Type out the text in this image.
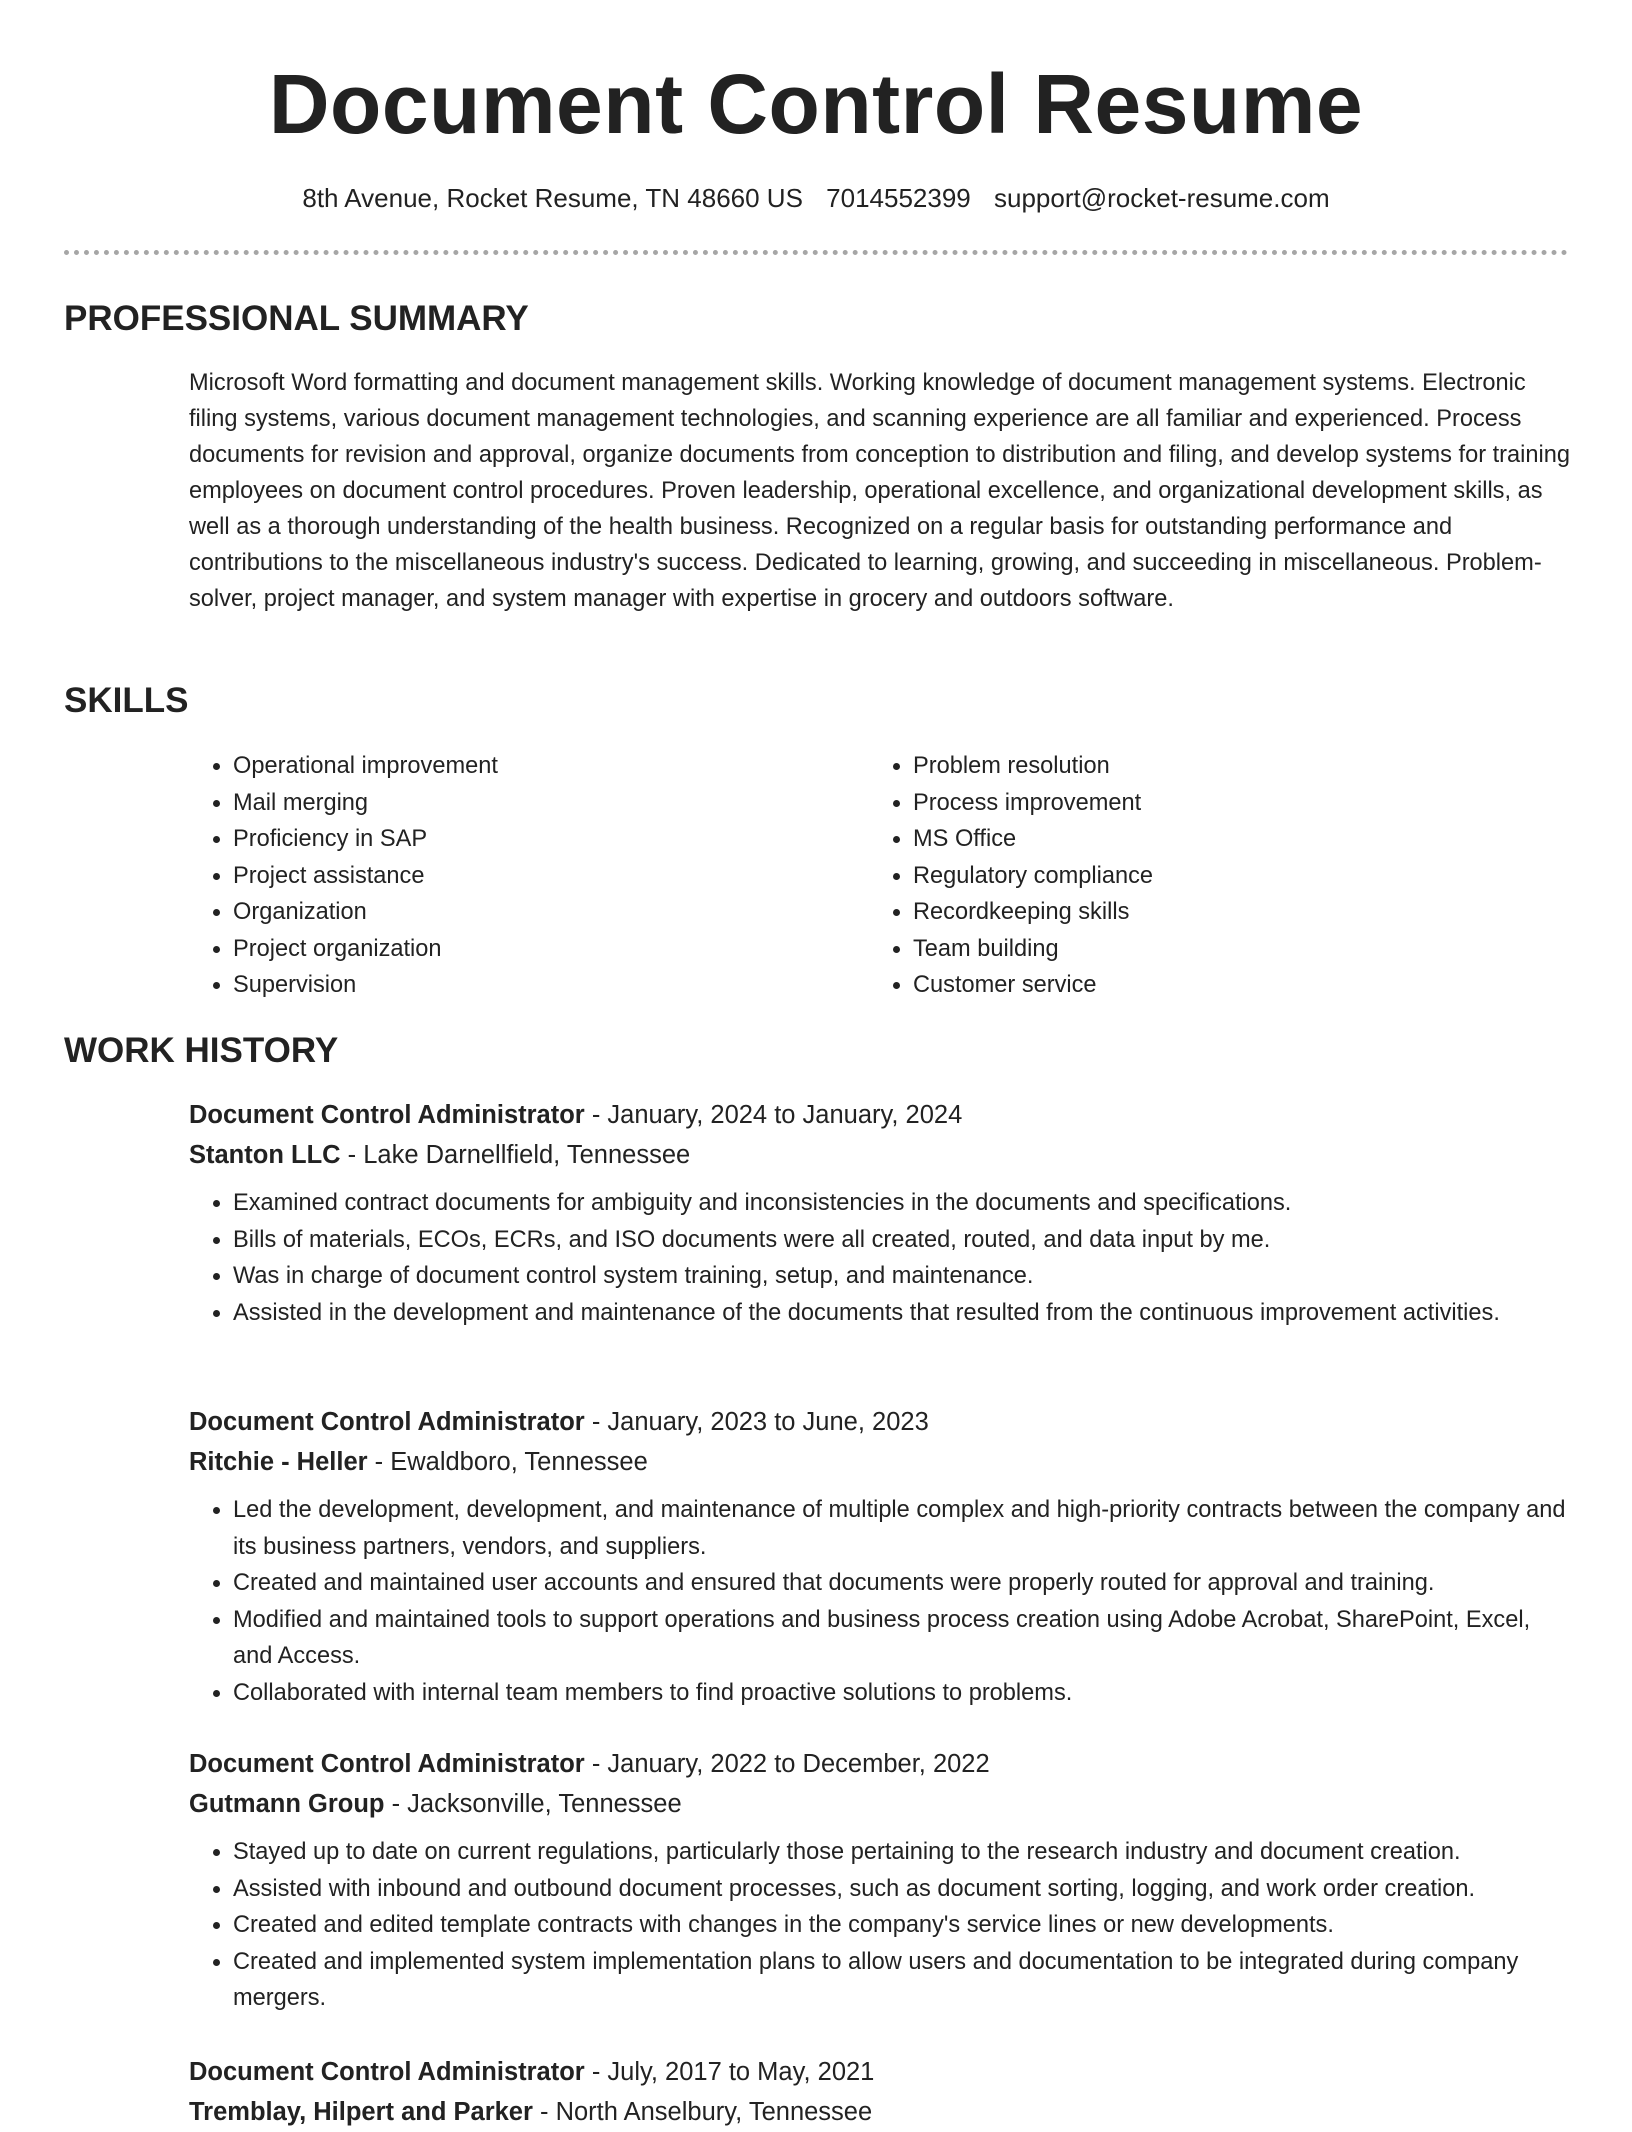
Document Control Resume
8th Avenue, Rocket Resume, TN 48660 US 7014552399 support@rocket-resume.com
PROFESSIONAL SUMMARY

Microsoft Word formatting and document management skills. Working knowledge of document management systems. Electronic filing systems, various document management technologies, and scanning experience are all familiar and experienced. Process documents for revision and approval, organize documents from conception to distribution and filing, and develop systems for training employees on document control procedures. Proven leadership, operational excellence, and organizational development skills, as well as a thorough understanding of the health business. Recognized on a regular basis for outstanding performance and contributions to the miscellaneous industry's success. Dedicated to learning, growing, and succeeding in miscellaneous. Problem-solver, project manager, and system manager with expertise in grocery and outdoors software.

SKILLS
• Operational improvement
• Mail merging
• Proficiency in SAP
• Project assistance
• Organization
• Project organization
• Supervision
• Problem resolution
• Process improvement
• MS Office
• Regulatory compliance
• Recordkeeping skills
• Team building
• Customer service
WORK HISTORY
Document Control Administrator - January, 2024 to January, 2024
Stanton LLC - Lake Darnellfield, Tennessee
• Examined contract documents for ambiguity and inconsistencies in the documents and specifications.
• Bills of materials, ECOs, ECRs, and ISO documents were all created, routed, and data input by me.
• Was in charge of document control system training, setup, and maintenance.
• Assisted in the development and maintenance of the documents that resulted from the continuous improvement activities.
Document Control Administrator - January, 2023 to June, 2023
Ritchie - Heller - Ewaldboro, Tennessee
• Led the development, development, and maintenance of multiple complex and high-priority contracts between the company and its business partners, vendors, and suppliers.
• Created and maintained user accounts and ensured that documents were properly routed for approval and training.
• Modified and maintained tools to support operations and business process creation using Adobe Acrobat, SharePoint, Excel, and Access.
• Collaborated with internal team members to find proactive solutions to problems.
Document Control Administrator - January, 2022 to December, 2022
Gutmann Group - Jacksonville, Tennessee
• Stayed up to date on current regulations, particularly those pertaining to the research industry and document creation.
• Assisted with inbound and outbound document processes, such as document sorting, logging, and work order creation.
• Created and edited template contracts with changes in the company's service lines or new developments.
• Created and implemented system implementation plans to allow users and documentation to be integrated during company mergers.
Document Control Administrator - July, 2017 to May, 2021
Tremblay, Hilpert and Parker - North Anselbury, Tennessee
